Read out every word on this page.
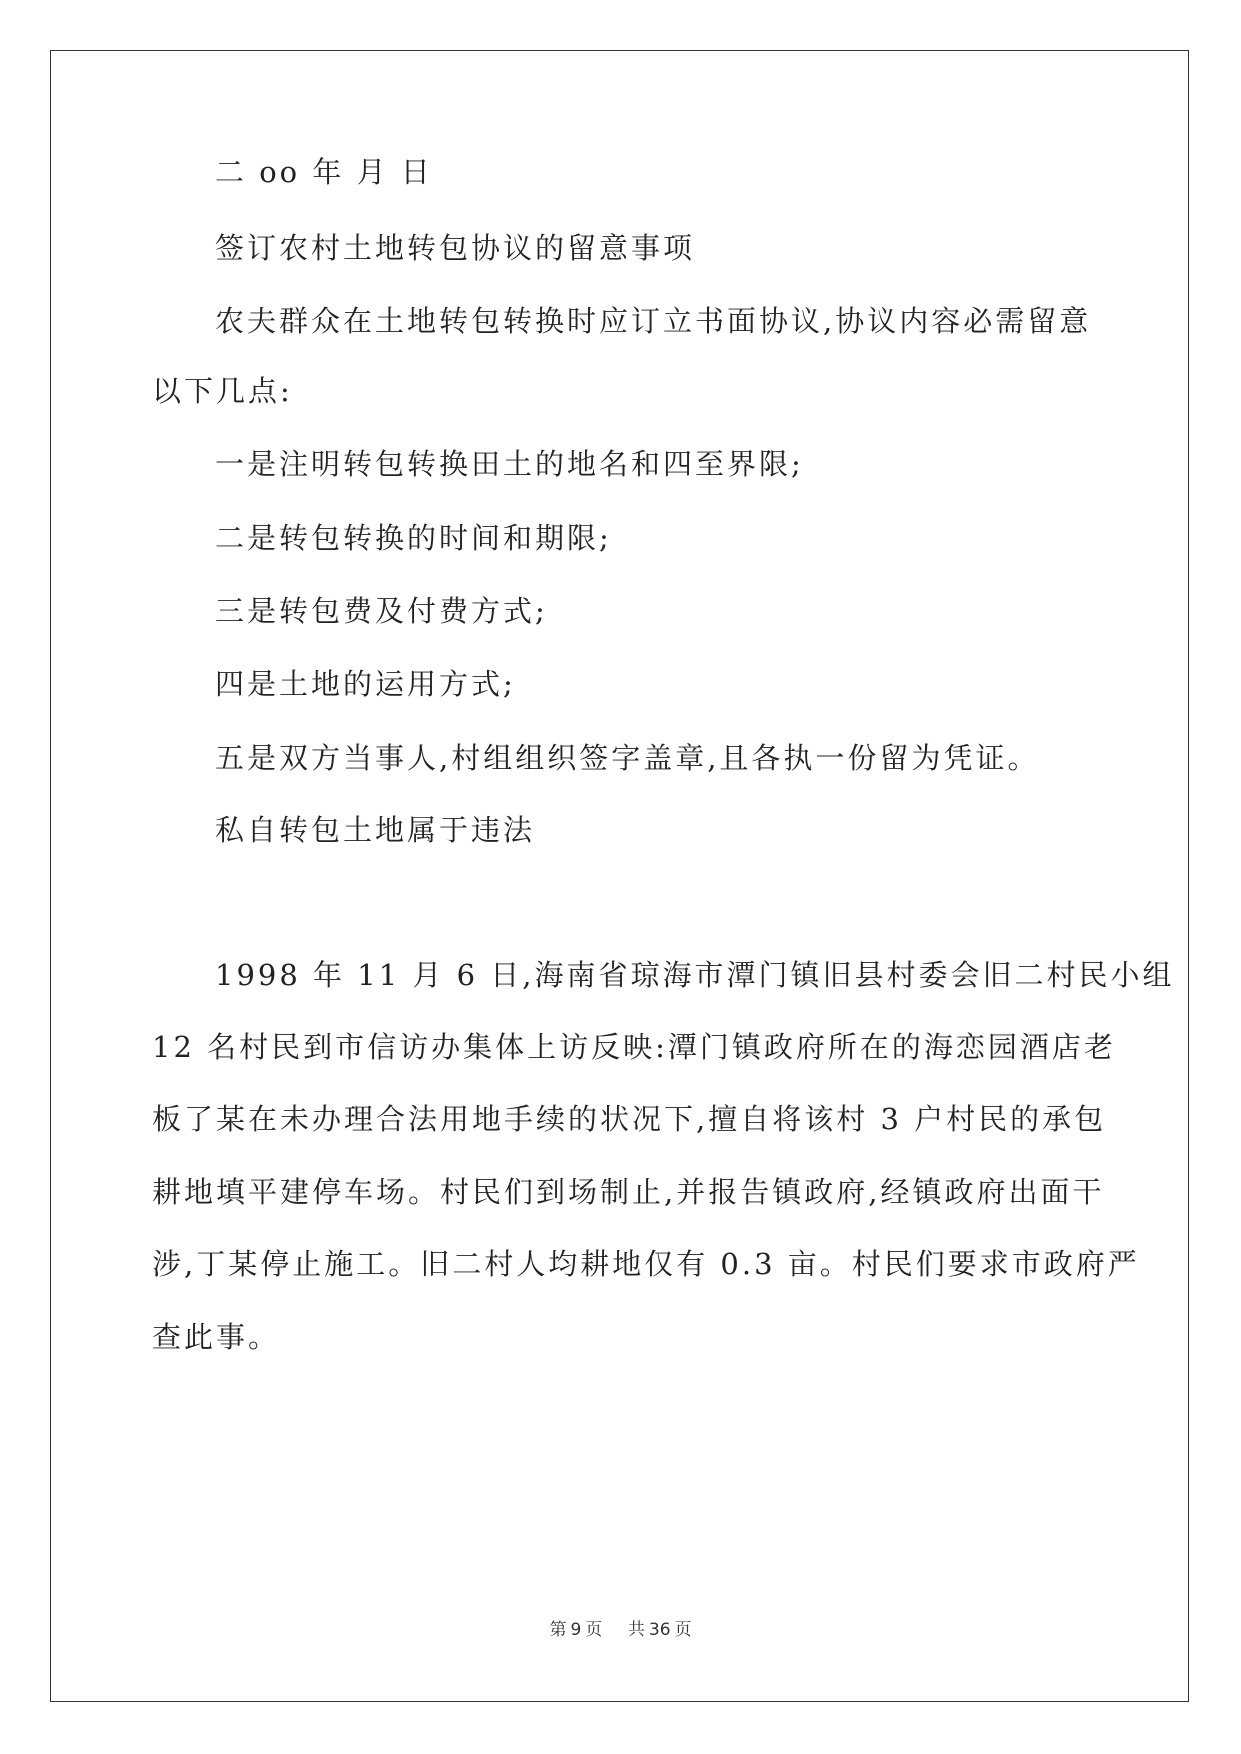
二 oo 年 月 日
签订农村土地转包协议的留意事项
农夫群众在土地转包转换时应订立书面协议,协议内容必需留意
以下几点:
一是注明转包转换田土的地名和四至界限;
二是转包转换的时间和期限;
三是转包费及付费方式;
四是土地的运用方式;
五是双方当事人,村组组织签字盖章,且各执一份留为凭证。
私自转包土地属于违法
1998 年 11 月 6 日,海南省琼海市潭门镇旧县村委会旧二村民小组
12 名村民到市信访办集体上访反映:潭门镇政府所在的海恋园酒店老
板了某在未办理合法用地手续的状况下,擅自将该村 3 户村民的承包
耕地填平建停车场。村民们到场制止,并报告镇政府,经镇政府出面干
涉,丁某停止施工。旧二村人均耕地仅有 0.3 亩。村民们要求市政府严
查此事。
第 9 页 共 36 页
